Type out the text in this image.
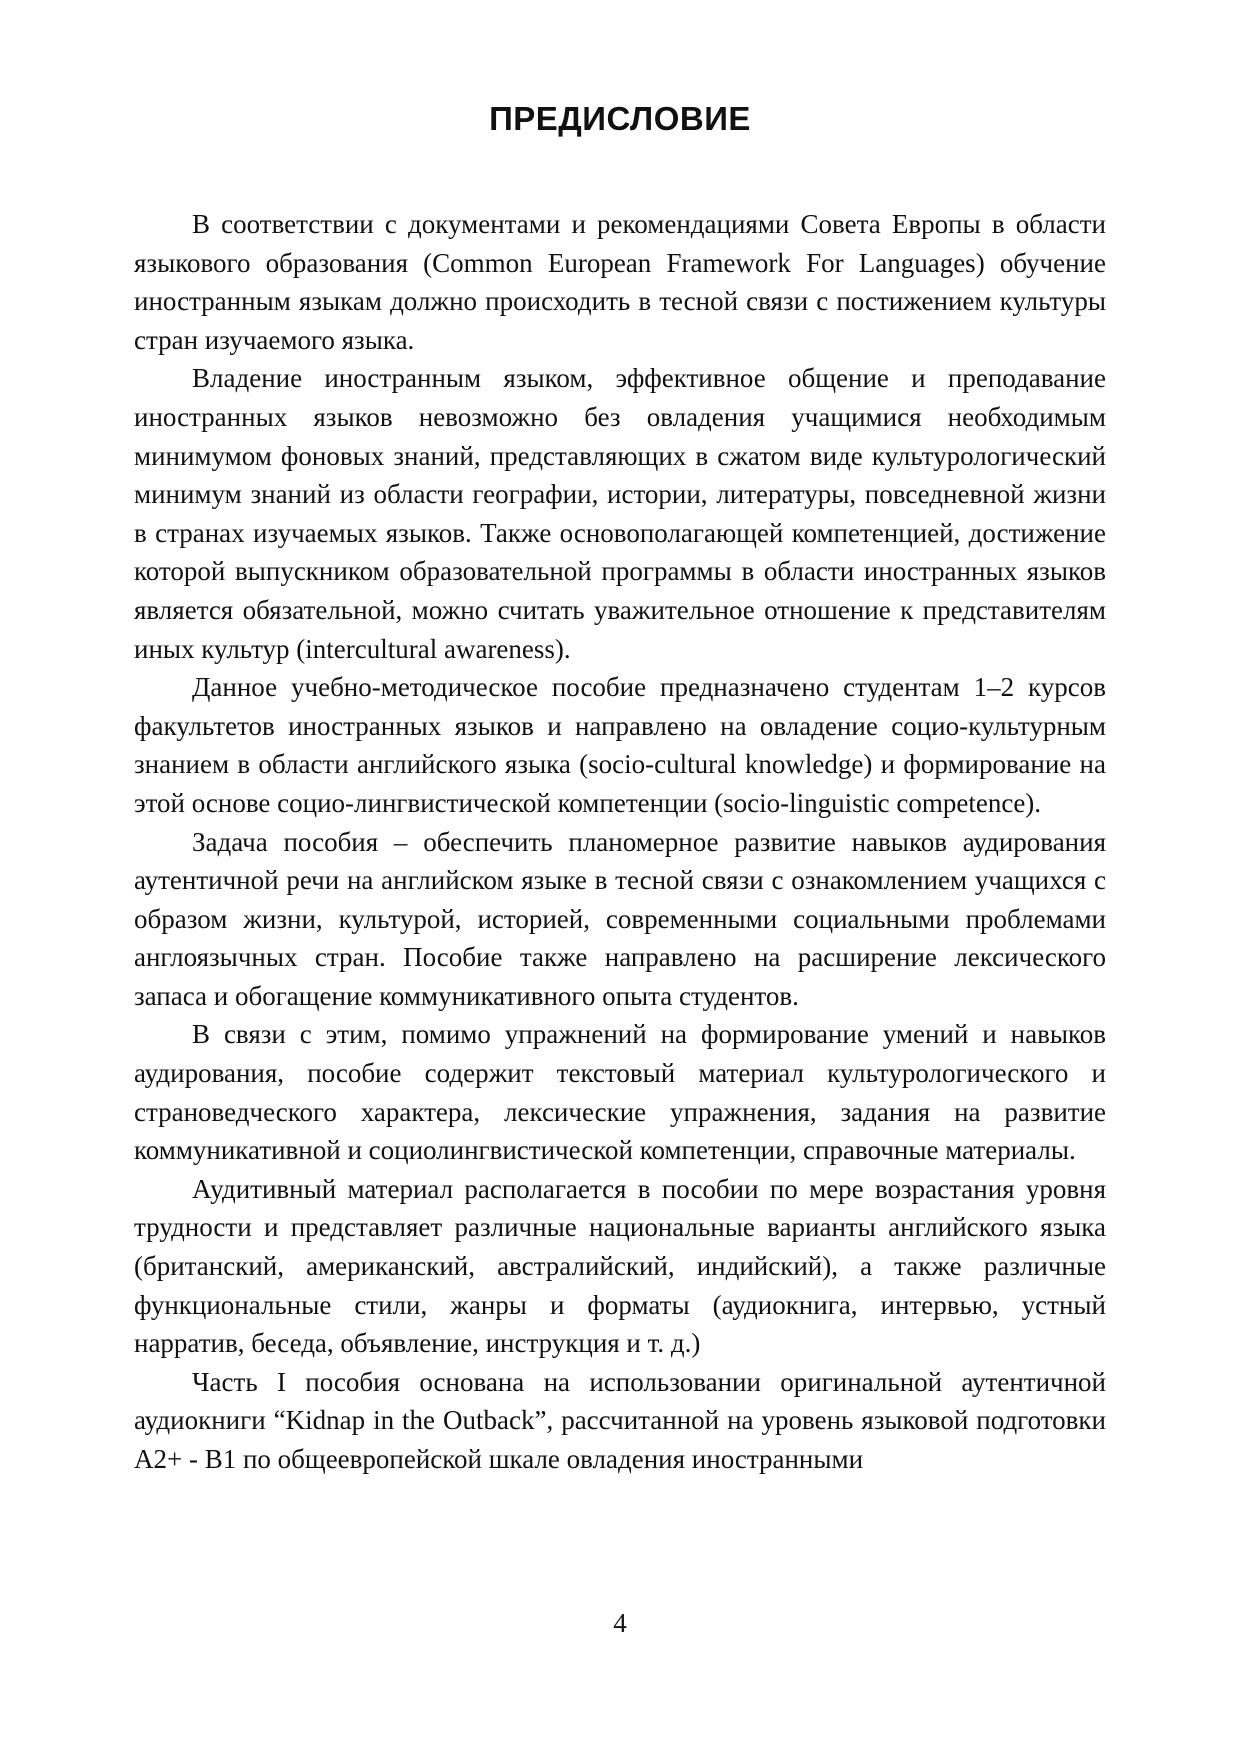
ПРЕДИСЛОВИЕ

В соответствии с документами и рекомендациями Совета Европы в области языкового образования (Common European Framework For Languages) обучение иностранным языкам должно происходить в тесной связи с постижением культуры стран изучаемого языка.

Владение иностранным языком, эффективное общение и преподавание иностранных языков невозможно без овладения учащимися необходимым минимумом фоновых знаний, представляющих в сжатом виде культурологический минимум знаний из области географии, истории, литературы, повседневной жизни в странах изучаемых языков. Также основополагающей компетенцией, достижение которой выпускником образовательной программы в области иностранных языков является обязательной, можно считать уважительное отношение к представителям иных культур (intercultural awareness).

Данное учебно-методическое пособие предназначено студентам 1–2 курсов факультетов иностранных языков и направлено на овладение социо-культурным знанием в области английского языка (socio-cultural knowledge) и формирование на этой основе социо-лингвистической компетенции (socio-linguistic competence).

Задача пособия – обеспечить планомерное развитие навыков аудирования аутентичной речи на английском языке в тесной связи с ознакомлением учащихся с образом жизни, культурой, историей, современными социальными проблемами англоязычных стран. Пособие также направлено на расширение лексического запаса и обогащение коммуникативного опыта студентов.

В связи с этим, помимо упражнений на формирование умений и навыков аудирования, пособие содержит текстовый материал культурологического и страноведческого характера, лексические упражнения, задания на развитие коммуникативной и социолингвистической компетенции, справочные материалы.

Аудитивный материал располагается в пособии по мере возрастания уровня трудности и представляет различные национальные варианты английского языка (британский, американский, австралийский, индийский), а также различные функциональные стили, жанры и форматы (аудиокнига, интервью, устный нарратив, беседа, объявление, инструкция и т. д.)

Часть I пособия основана на использовании оригинальной аутентичной аудиокниги “Kidnap in the Outback”, рассчитанной на уровень языковой подготовки A2+ - B1 по общеевропейской шкале овладения иностранными

4
